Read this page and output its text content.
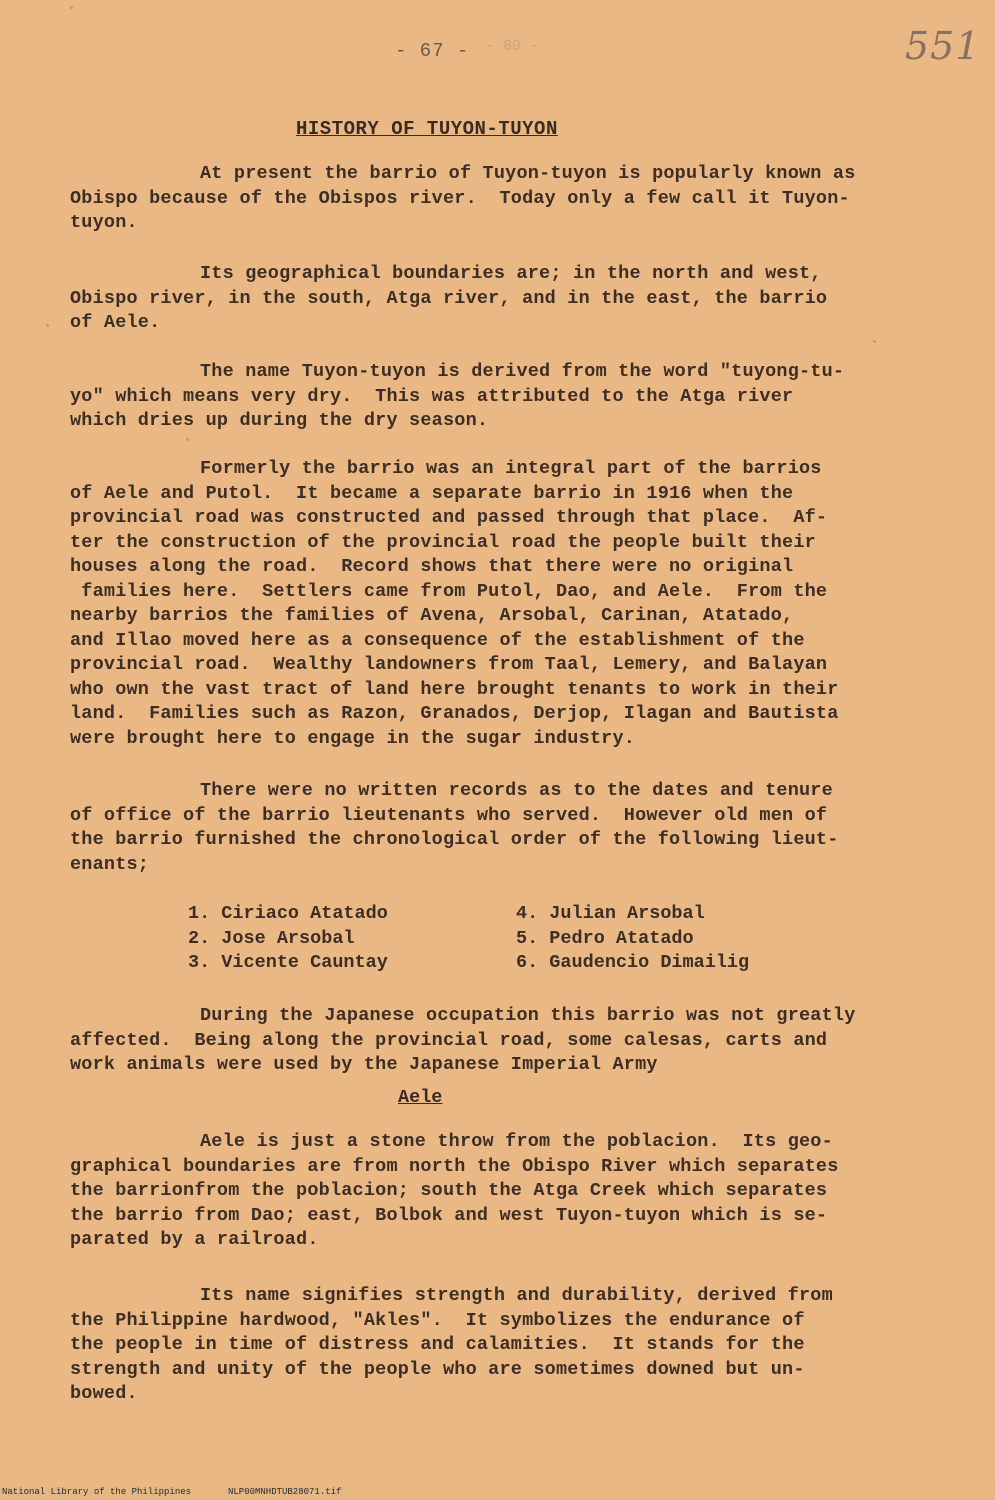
- 67 - - 80 -	551
HISTORY OF TUYON-TUYON
At present the barrio of Tuyon-tuyon is popularly known as
Obispo because of the Obispos river.  Today only a few call it Tuyon-
tuyon.
Its geographical boundaries are; in the north and west,
Obispo river, in the south, Atga river, and in the east, the barrio
of Aele.
The name Tuyon-tuyon is derived from the word "tuyong-tu-
yo" which means very dry.  This was attributed to the Atga river
which dries up during the dry season.
Formerly the barrio was an integral part of the barrios
of Aele and Putol.  It became a separate barrio in 1916 when the
provincial road was constructed and passed through that place.  Af-
ter the construction of the provincial road the people built their
houses along the road.  Record shows that there were no original
families here.  Settlers came from Putol, Dao, and Aele.  From the
nearby barrios the families of Avena, Arsobal, Carinan, Atatado,
and Illao moved here as a consequence of the establishment of the
provincial road.  Wealthy landowners from Taal, Lemery, and Balayan
who own the vast tract of land here brought tenants to work in their
land.  Families such as Razon, Granados, Derjop, Ilagan and Bautista
were brought here to engage in the sugar industry.
There were no written records as to the dates and tenure
of office of the barrio lieutenants who served.  However old men of
the barrio furnished the chronological order of the following lieut-
enants;
1. Ciriaco Atatado
2. Jose Arsobal
3. Vicente Cauntay
4. Julian Arsobal
5. Pedro Atatado
6. Gaudencio Dimailig
During the Japanese occupation this barrio was not greatly
affected.  Being along the provincial road, some calesas, carts and
work animals were used by the Japanese Imperial Army
Aele
Aele is just a stone throw from the poblacion.  Its geo-
graphical boundaries are from north the Obispo River which separates
the barrionfrom the poblacion; south the Atga Creek which separates
the barrio from Dao; east, Bolbok and west Tuyon-tuyon which is se-
parated by a railroad.
Its name signifies strength and durability, derived from
the Philippine hardwood, "Akles".  It symbolizes the endurance of
the people in time of distress and calamities.  It stands for the
strength and unity of the people who are sometimes downed but un-
bowed.
National Library of the Philippines	NLP00MNHDTUB28071.tif
